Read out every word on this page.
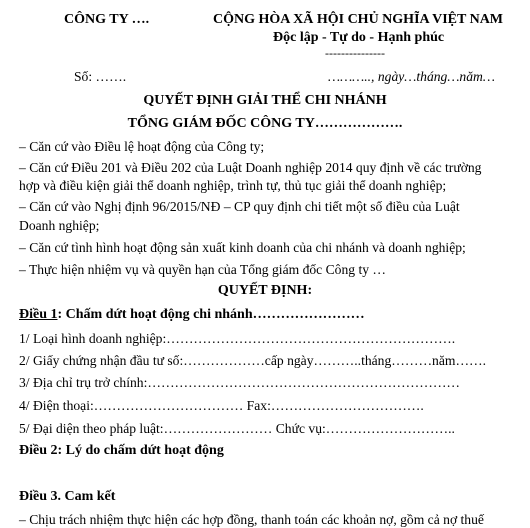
CÔNG TY ….	CỘNG HÒA XÃ HỘI CHỦ NGHĨA VIỆT NAM
Độc lập - Tự do - Hạnh phúc
---------------
Số: …….	……….., ngày…tháng…năm…
QUYẾT ĐỊNH GIẢI THỂ CHI NHÁNH
TỔNG GIÁM ĐỐC CÔNG TY……………….
– Căn cứ vào Điều lệ hoạt động của Công ty;
– Căn cứ Điều 201 và Điều 202 của Luật Doanh nghiệp 2014 quy định về các trường
hợp và điều kiện giải thể doanh nghiệp, trình tự, thủ tục giải thể doanh nghiệp;
– Căn cứ vào Nghị định 96/2015/NĐ – CP quy định chi tiết một số điều của Luật
Doanh nghiệp;
– Căn cứ tình hình hoạt động sản xuất kinh doanh của chi nhánh và doanh nghiệp;
– Thực hiện nhiệm vụ và quyền hạn của Tổng giám đốc Công ty …
QUYẾT ĐỊNH:
Điều 1: Chấm dứt hoạt động chi nhánh……………………
1/ Loại hình doanh nghiệp:……………………………………………………….
2/ Giấy chứng nhận đầu tư số:………………cấp ngày………..tháng………năm…….
3/ Địa chỉ trụ trở chính:……………………………………………………………
4/ Điện thoại:…………………………… Fax:…………………………….
5/ Đại diện theo pháp luật:…………………… Chức vụ:………………………..
Điều 2: Lý do chấm dứt hoạt động
Điều 3. Cam kết
– Chịu trách nhiệm thực hiện các hợp đồng, thanh toán các khoản nợ, gồm cả nợ thuế
